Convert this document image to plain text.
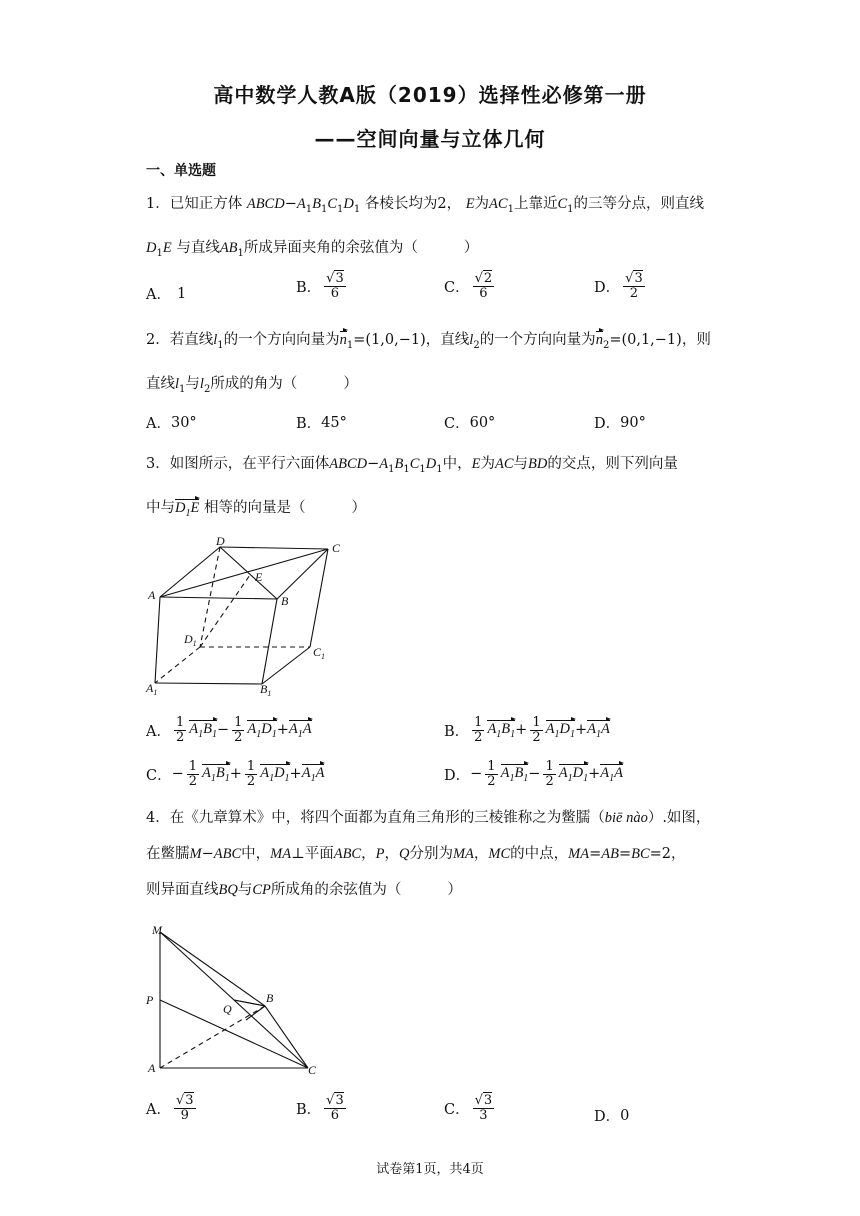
高中数学人教A版（2019）选择性必修第一册
——空间向量与立体几何
一、单选题
1．已知正方体 $ABCD-A_1B_1C_1D_1$ 各棱长均为2， E为$AC_1$上靠近$C_1$的三等分点，则直线
$D_1E$ 与直线$AB_1$所成异面夹角的余弦值为（	）
A． 1	B． $\frac{√3}{6}$	C． $\frac{√2}{6}$	D． $\frac{√3}{2}$
2．若直线$l_1$的一个方向向量为$n_1=(1,0,-1)$，直线$l_2$的一个方向向量为$n_2=(0,1,-1)$，则
直线$l_1$与$l_2$所成的角为（	）
A． 30°	B． 45°	C． 60°	D． 90°
3．如图所示，在平行六面体$ABCD-A_1B_1C_1D_1$中，E为AC与BD的交点，则下列向量
中与$D_1E$ 相等的向量是（	）
D	C
A	B
E
$D_1$
$C_1$
$A_1$	$B_1$
A． $\frac{1}{2} A_1B_1 - \frac{1}{2} A_1D_1 + A_1A$	B． $\frac{1}{2} A_1B_1 + \frac{1}{2} A_1D_1 + A_1A$
C． − $\frac{1}{2} A_1B_1 + \frac{1}{2} A_1D_1 + A_1A$	D． − $\frac{1}{2} A_1B_1 - \frac{1}{2} A_1D_1 + A_1A$
4．在《九章算术》中，将四个面都为直角三角形的三棱锥称之为鳖臑（biē nào）.如图，
在鳖臑M−ABC中，MA⊥平面ABC，P，Q分别为MA，MC的中点，MA=AB=BC=2，
则异面直线BQ与CP所成角的余弦值为（	）
M
P
A
Q
B
C
A． $\frac{√3}{9}$	B． $\frac{√3}{6}$	C． $\frac{√3}{3}$	D． 0
试卷第1页，共4页
